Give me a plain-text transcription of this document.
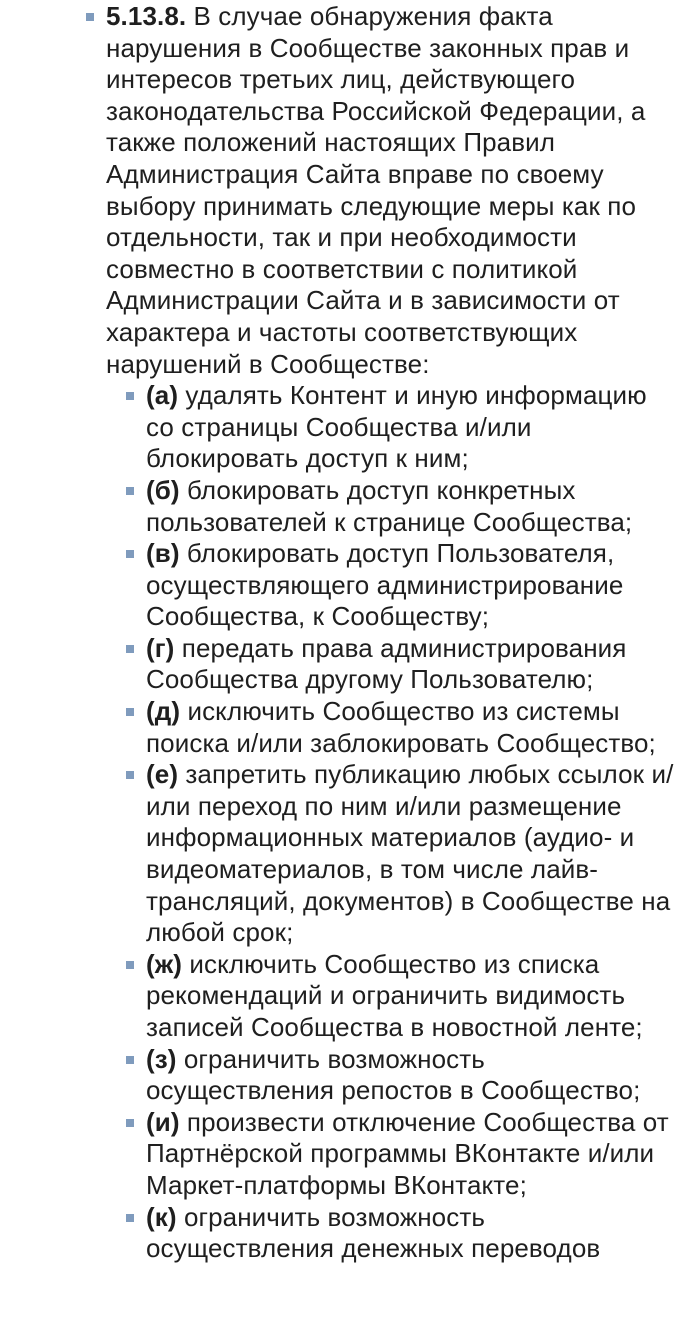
5.13.8. В случае обнаружения факта нарушения в Сообществе законных прав и интересов третьих лиц, действующего законодательства Российской Федерации, а также положений настоящих Правил Администрация Сайта вправе по своему выбору принимать следующие меры как по отдельности, так и при необходимости совместно в соответствии с политикой Администрации Сайта и в зависимости от характера и частоты соответствующих нарушений в Сообществе:
(а) удалять Контент и иную информацию со страницы Сообщества и/или блокировать доступ к ним;
(б) блокировать доступ конкретных пользователей к странице Сообщества;
(в) блокировать доступ Пользователя, осуществляющего администрирование Сообщества, к Сообществу;
(г) передать права администрирования Сообщества другому Пользователю;
(д) исключить Сообщество из системы поиска и/или заблокировать Сообщество;
(е) запретить публикацию любых ссылок и/или переход по ним и/или размещение информационных материалов (аудио- и видеоматериалов, в том числе лайв-трансляций, документов) в Сообществе на любой срок;
(ж) исключить Сообщество из списка рекомендаций и ограничить видимость записей Сообщества в новостной ленте;
(з) ограничить возможность осуществления репостов в Сообщество;
(и) произвести отключение Сообщества от Партнёрской программы ВКонтакте и/или Маркет-платформы ВКонтакте;
(к) ограничить возможность осуществления денежных переводов
